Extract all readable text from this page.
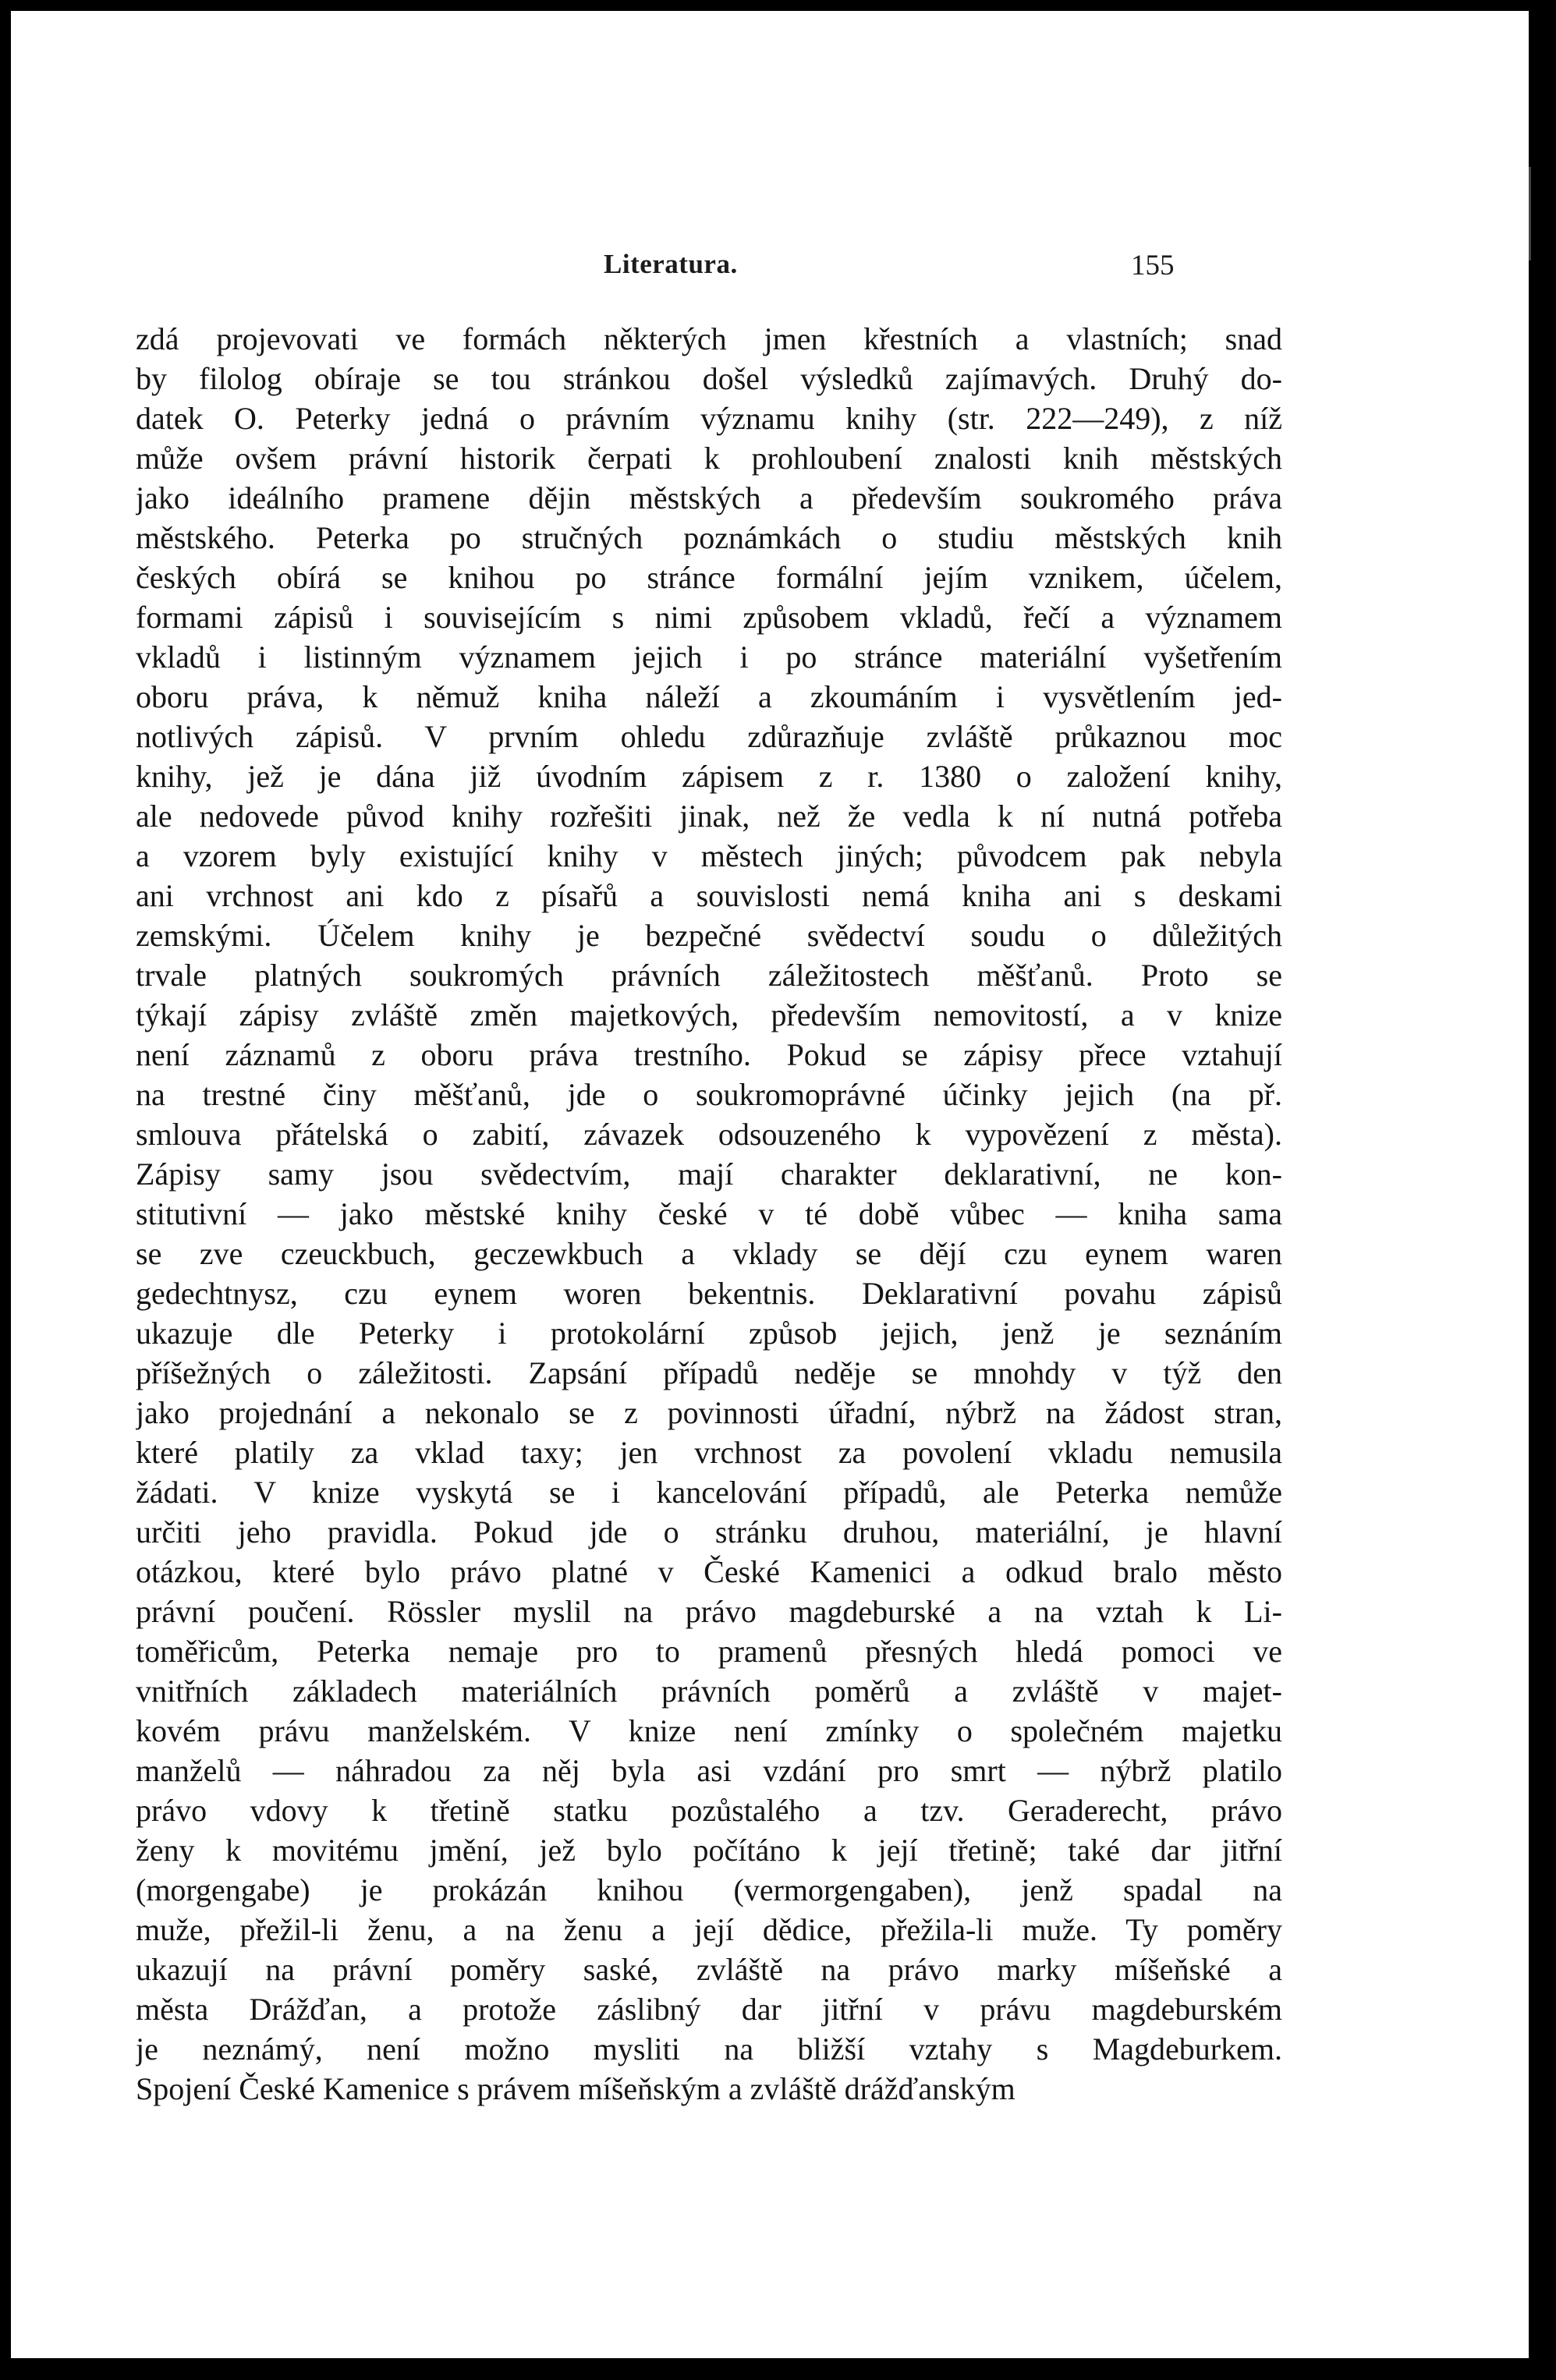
Literatura.	155
zdá projevovati ve formách některých jmen křestních a vlastních; snad
by filolog obíraje se tou stránkou došel výsledků zajímavých. Druhý do-
datek O. Peterky jedná o právním významu knihy (str. 222—249), z níž
může ovšem právní historik čerpati k prohloubení znalosti knih městských
jako ideálního pramene dějin městských a především soukromého práva
městského. Peterka po stručných poznámkách o studiu městských knih
českých obírá se knihou po stránce formální jejím vznikem, účelem,
formami zápisů i souvisejícím s nimi způsobem vkladů, řečí a významem
vkladů i listinným významem jejich i po stránce materiální vyšetřením
oboru práva, k němuž kniha náleží a zkoumáním i vysvětlením jed-
notlivých zápisů. V prvním ohledu zdůrazňuje zvláště průkaznou moc
knihy, jež je dána již úvodním zápisem z r. 1380 o založení knihy,
ale nedovede původ knihy rozřešiti jinak, než že vedla k ní nutná potřeba
a vzorem byly existující knihy v městech jiných; původcem pak nebyla
ani vrchnost ani kdo z písařů a souvislosti nemá kniha ani s deskami
zemskými. Účelem knihy je bezpečné svědectví soudu o důležitých
trvale platných soukromých právních záležitostech měšťanů. Proto se
týkají zápisy zvláště změn majetkových, především nemovitostí, a v knize
není záznamů z oboru práva trestního. Pokud se zápisy přece vztahují
na trestné činy měšťanů, jde o soukromoprávné účinky jejich (na př.
smlouva přátelská o zabití, závazek odsouzeného k vypovězení z města).
Zápisy samy jsou svědectvím, mají charakter deklarativní, ne kon-
stitutivní — jako městské knihy české v té době vůbec — kniha sama
se zve czeuckbuch, geczewkbuch a vklady se dějí czu eynem waren
gedechtnysz, czu eynem woren bekentnis. Deklarativní povahu zápisů
ukazuje dle Peterky i protokolární způsob jejich, jenž je seznáním
příšežných o záležitosti. Zapsání případů neděje se mnohdy v týž den
jako projednání a nekonalo se z povinnosti úřadní, nýbrž na žádost stran,
které platily za vklad taxy; jen vrchnost za povolení vkladu nemusila
žádati. V knize vyskytá se i kancelování případů, ale Peterka nemůže
určiti jeho pravidla. Pokud jde o stránku druhou, materiální, je hlavní
otázkou, které bylo právo platné v České Kamenici a odkud bralo město
právní poučení. Rössler myslil na právo magdeburské a na vztah k Li-
toměřicům, Peterka nemaje pro to pramenů přesných hledá pomoci ve
vnitřních základech materiálních právních poměrů a zvláště v majet-
kovém právu manželském. V knize není zmínky o společném majetku
manželů — náhradou za něj byla asi vzdání pro smrt — nýbrž platilo
právo vdovy k třetině statku pozůstalého a tzv. Geraderecht, právo
ženy k movitému jmění, jež bylo počítáno k její třetině; také dar jitřní
(morgengabe) je prokázán knihou (vermorgengaben), jenž spadal na
muže, přežil-li ženu, a na ženu a její dědice, přežila-li muže. Ty poměry
ukazují na právní poměry saské, zvláště na právo marky míšeňské a
města Drážďan, a protože záslibný dar jitřní v právu magdeburském
je neznámý, není možno mysliti na bližší vztahy s Magdeburkem.
Spojení České Kamenice s právem míšeňským a zvláště drážďanským
